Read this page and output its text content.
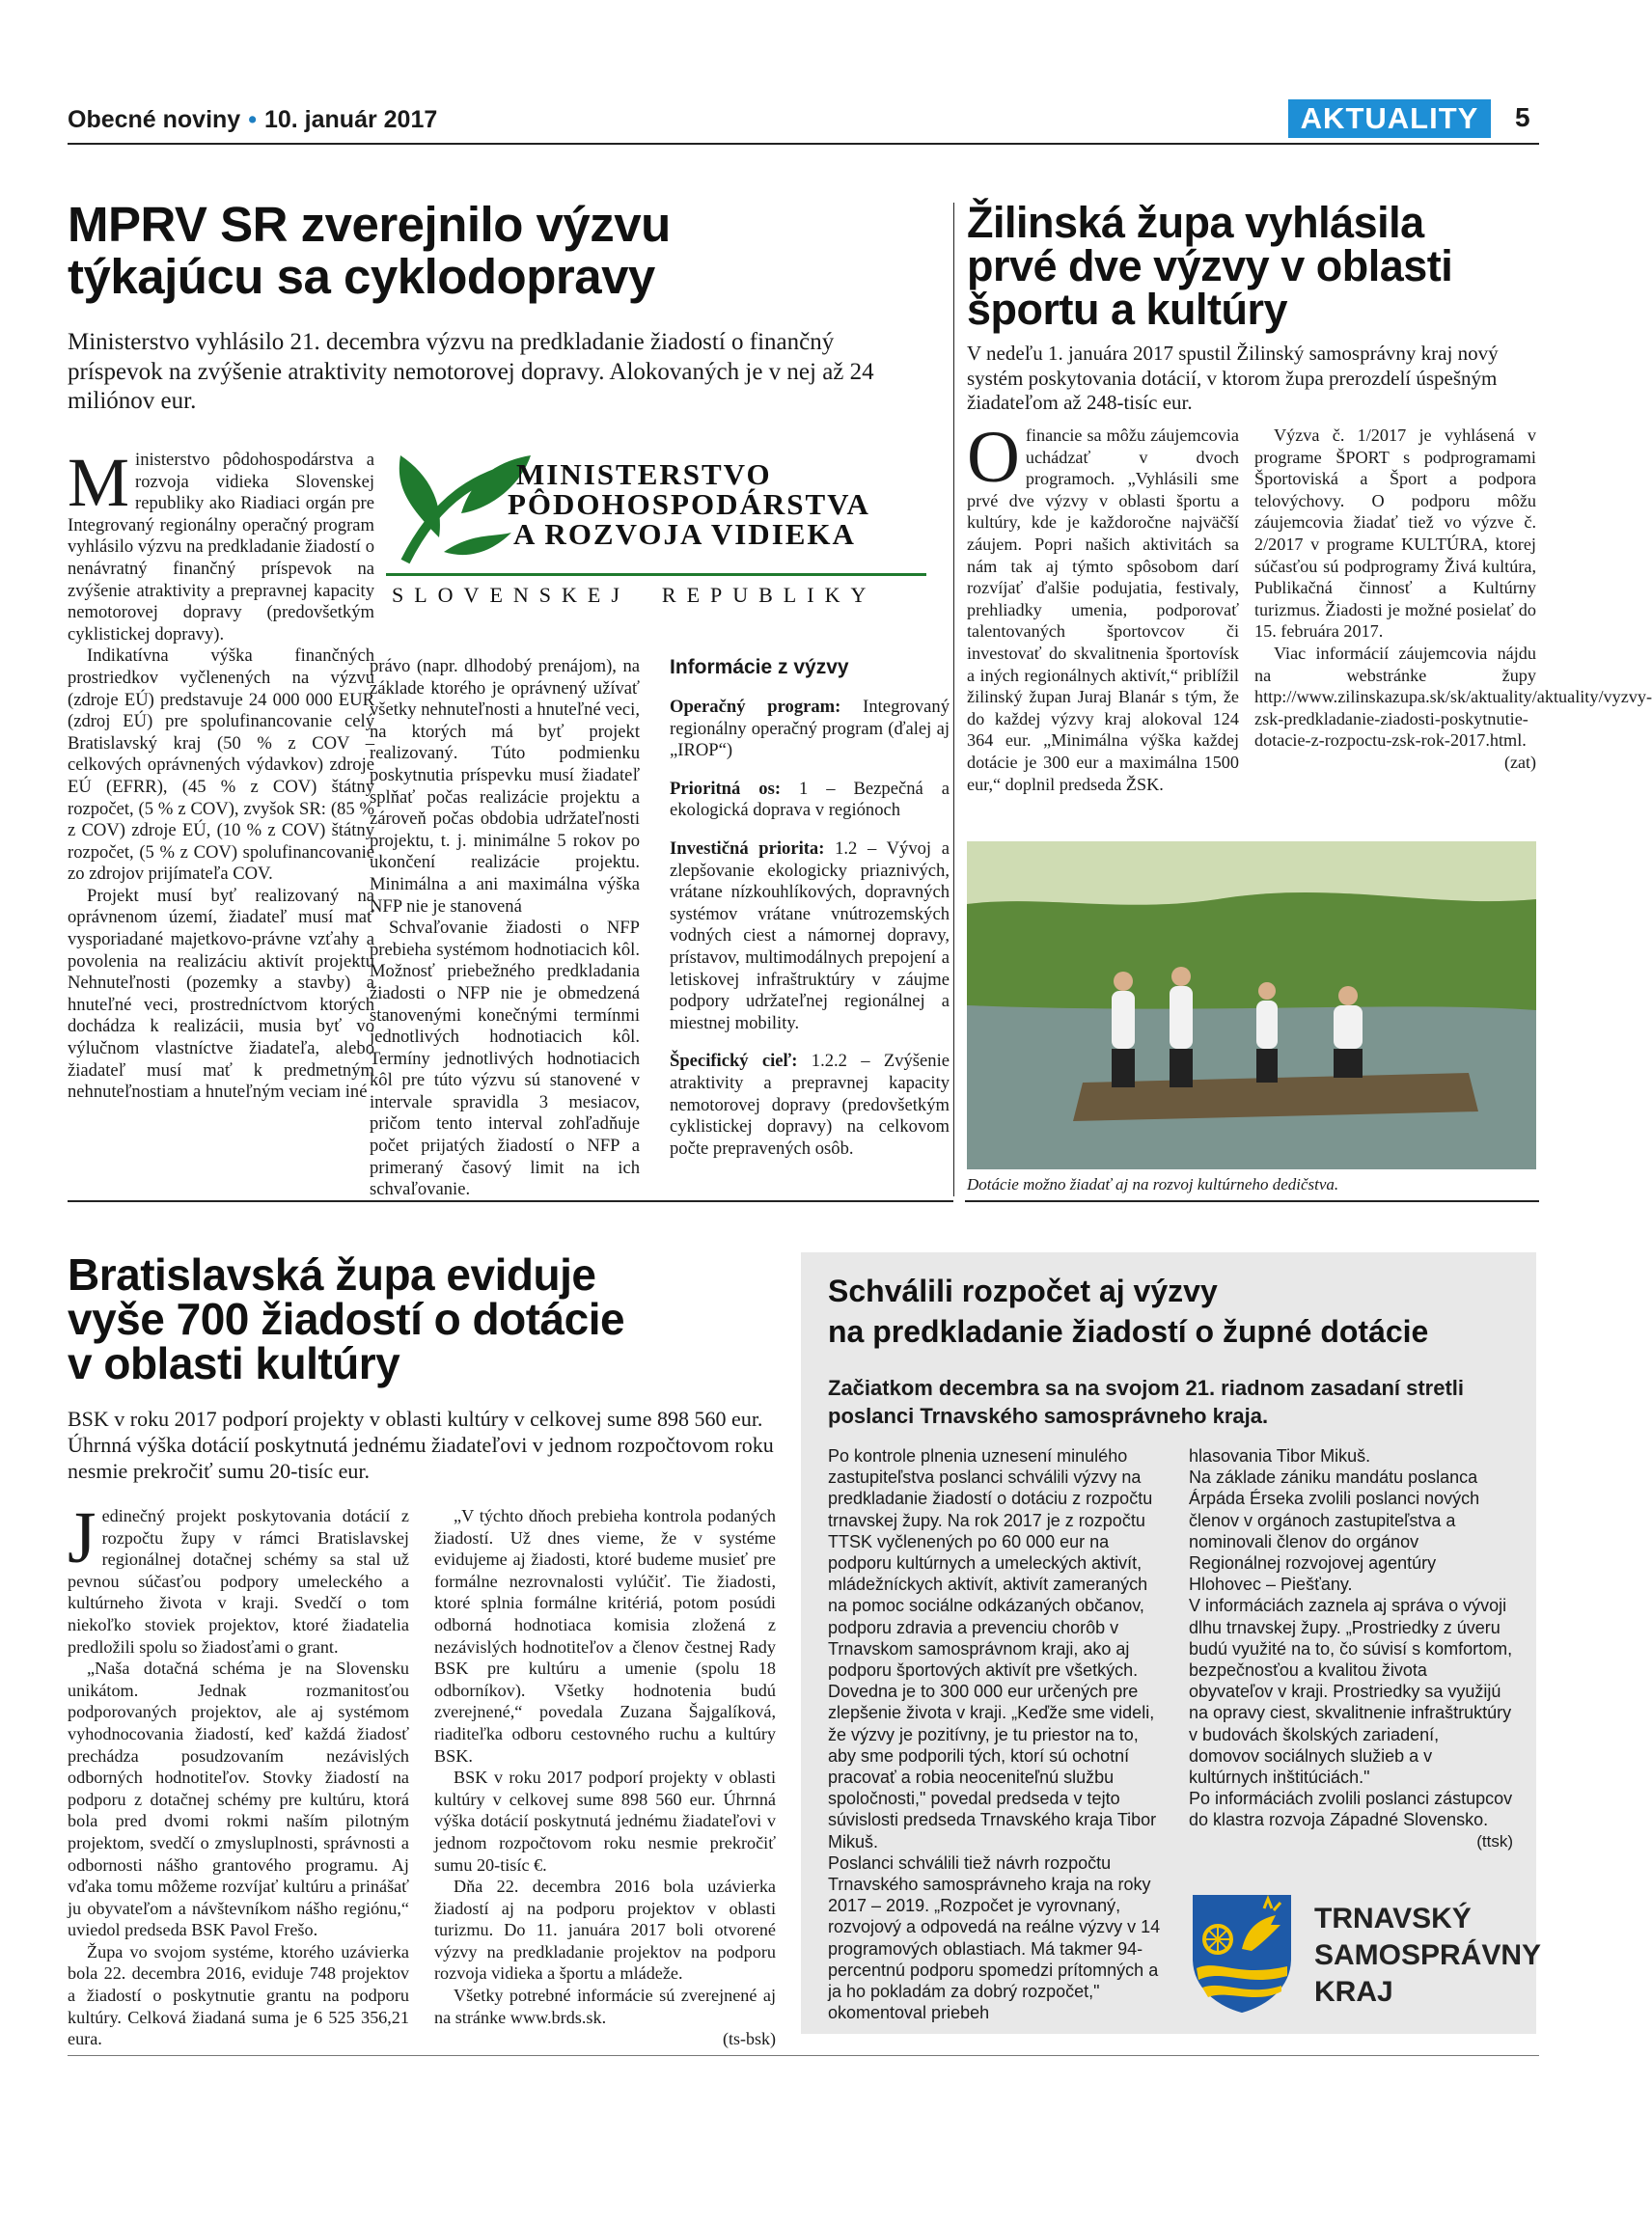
Obecné noviny • 10. január 2017	AKTUALITY	5
MPRV SR zverejnilo výzvu
týkajúcu sa cyklodopravy
Ministerstvo vyhlásilo 21. decembra výzvu na predkladanie žiadostí o finančný príspevok na zvýšenie atraktivity nemotorovej dopravy. Alokovaných je v nej až 24 miliónov eur.
MINISTERSTVO
PÔDOHOSPODÁRSTVA
A ROZVOJA VIDIEKA
SLOVENSKEJ  REPUBLIKY

Ministerstvo pôdohospodárstva a rozvoja vidieka Slovenskej republiky ako Riadiaci orgán pre Integrovaný regionálny operačný program vyhlásilo výzvu na predkladanie žiadostí o nenávratný finančný príspevok na zvýšenie atraktivity a prepravnej kapacity nemotorovej dopravy (predovšetkým cyklistickej dopravy).

Indikatívna výška finančných prostriedkov vyčlenených na výzvu (zdroje EÚ) predstavuje 24 000 000 EUR (zdroj EÚ) pre spolufinancovanie celý Bratislavský kraj (50 % z COV – celkových oprávnených výdavkov) zdroje EÚ (EFRR), (45 % z COV) štátny rozpočet, (5 % z COV), zvyšok SR: (85 % z COV) zdroje EÚ, (10 % z COV) štátny rozpočet, (5 % z COV) spolufinancovanie zo zdrojov prijímateľa COV.

Projekt musí byť realizovaný na oprávnenom území, žiadateľ musí mať vysporiadané majetkovo-právne vzťahy a povolenia na realizáciu aktivít projektu Nehnuteľnosti (pozemky a stavby) a hnuteľné veci, prostredníctvom ktorých dochádza k realizácii, musia byť vo výlučnom vlastníctve žiadateľa, alebo žiadateľ musí mať k predmetným nehnuteľnostiam a hnuteľným veciam iné

právo (napr. dlhodobý prenájom), na základe ktorého je oprávnený užívať všetky nehnuteľnosti a hnuteľné veci, na ktorých má byť projekt realizovaný. Túto podmienku poskytnutia príspevku musí žiadateľ splňať počas realizácie projektu a zároveň počas obdobia udržateľnosti projektu, t. j. minimálne 5 rokov po ukončení realizácie projektu. Minimálna a ani maximálna výška NFP nie je stanovená

Schvaľovanie žiadosti o NFP prebieha systémom hodnotiacich kôl. Možnosť priebežného predkladania žiadosti o NFP nie je obmedzená stanovenými konečnými termínmi jednotlivých hodnotiacich kôl. Termíny jednotlivých hodnotiacich kôl pre túto výzvu sú stanovené v intervale spravidla 3 mesiacov, pričom tento interval zohľadňuje počet prijatých žiadostí o NFP a primeraný časový limit na ich schvaľovanie.

Informácie z výzvy

Operačný program: Integrovaný regionálny operačný program (ďalej aj „IROP“)

Prioritná os: 1 – Bezpečná a ekologická doprava v regiónoch

Investičná priorita: 1.2 – Vývoj a zlepšovanie ekologicky priaznivých, vrátane nízkouhlíkových, dopravných systémov vrátane vnútrozemských vodných ciest a námornej dopravy, prístavov, multimodálnych prepojení a letiskovej infraštruktúry v záujme podpory udržateľnej regionálnej a miestnej mobility.

Špecifický cieľ: 1.2.2 – Zvýšenie atraktivity a prepravnej kapacity nemotorovej dopravy (predovšetkým cyklistickej dopravy) na celkovom počte prepravených osôb.

Žilinská župa vyhlásila
prvé dve výzvy v oblasti
športu a kultúry
V nedeľu 1. januára 2017 spustil Žilinský samosprávny kraj nový systém poskytovania dotácií, v ktorom župa prerozdelí úspešným žiadateľom až 248-tisíc eur.

Ofinancie sa môžu záujemcovia uchádzať v dvoch programoch. „Vyhlásili sme prvé dve výzvy v oblasti športu a kultúry, kde je každoročne najväčší záujem. Popri našich aktivitách sa nám tak aj týmto spôsobom darí rozvíjať ďalšie podujatia, festivaly, prehliadky umenia, podporovať talentovaných športovcov či investovať do skvalitnenia športovísk a iných regionálnych aktivít,“ priblížil žilinský župan Juraj Blanár s tým, že do každej výzvy kraj alokoval 124 364 eur. „Minimálna výška každej dotácie je 300 eur a maximálna 1500 eur,“ doplnil predseda ŽSK.

Výzva č. 1/2017 je vyhlásená v programe ŠPORT s podprogramami Športoviská a Šport a podpora telovýchovy. O podporu môžu záujemcovia žiadať tiež vo výzve č. 2/2017 v programe KULTÚRA, ktorej súčasťou sú podprogramy Živá kultúra, Publikačná činnosť a Kultúrny turizmus. Žiadosti je možné posielať do 15. februára 2017.

Viac informácií záujemcovia nájdu na webstránke župy http://www.zilinskazupa.sk/sk/aktuality/aktuality/vyzvy-zsk-predkladanie-ziadosti-poskytnutie-dotacie-z-rozpoctu-zsk-rok-2017.html.

(zat)
Dotácie možno žiadať aj na rozvoj kultúrneho dedičstva.
Bratislavská župa eviduje
vyše 700 žiadostí o dotácie
v oblasti kultúry
BSK v roku 2017 podporí projekty v oblasti kultúry v celkovej sume 898 560 eur. Úhrnná výška dotácií poskytnutá jednému žiadateľovi v jednom rozpočtovom roku nesmie prekročiť sumu 20-tisíc eur.

Jedinečný projekt poskytovania dotácií z rozpočtu župy v rámci Bratislavskej regionálnej dotačnej schémy sa stal už pevnou súčasťou podpory umeleckého a kultúrneho života v kraji. Svedčí o tom niekoľko stoviek projektov, ktoré žiadatelia predložili spolu so žiadosťami o grant.

„Naša dotačná schéma je na Slovensku unikátom. Jednak rozmanitosťou podporovaných projektov, ale aj systémom vyhodnocovania žiadostí, keď každá žiadosť prechádza posudzovaním nezávislých odborných hodnotiteľov. Stovky žiadostí na podporu z dotačnej schémy pre kultúru, ktorá bola pred dvomi rokmi naším pilotným projektom, svedčí o zmysluplnosti, správnosti a odbornosti nášho grantového programu. Aj vďaka tomu môžeme rozvíjať kultúru a prinášať ju obyvateľom a návštevníkom nášho regiónu,“ uviedol predseda BSK Pavol Frešo.

Župa vo svojom systéme, ktorého uzávierka bola 22. decembra 2016, eviduje 748 projektov a žiadostí o poskytnutie grantu na podporu kultúry. Celková žiadaná suma je 6 525 356,21 eura.

„V týchto dňoch prebieha kontrola podaných žiadostí. Už dnes vieme, že v systéme evidujeme aj žiadosti, ktoré budeme musieť pre formálne nezrovnalosti vylúčiť. Tie žiadosti, ktoré splnia formálne kritériá, potom posúdi odborná hodnotiaca komisia zložená z nezávislých hodnotiteľov a členov čestnej Rady BSK pre kultúru a umenie (spolu 18 odborníkov). Všetky hodnotenia budú zverejnené,“ povedala Zuzana Šajgalíková, riaditeľka odboru cestovného ruchu a kultúry BSK.

BSK v roku 2017 podporí projekty v oblasti kultúry v celkovej sume 898 560 eur. Úhrnná výška dotácií poskytnutá jednému žiadateľovi v jednom rozpočtovom roku nesmie prekročiť sumu 20-tisíc €.

Dňa 22. decembra 2016 bola uzávierka žiadostí aj na podporu projektov v oblasti turizmu. Do 11. januára 2017 boli otvorené výzvy na predkladanie projektov na podporu rozvoja vidieka a športu a mládeže.

Všetky potrebné informácie sú zverejnené aj na stránke www.brds.sk.

(ts-bsk)
Schválili rozpočet aj výzvy
na predkladanie žiadostí o župné dotácie
Začiatkom decembra sa na svojom 21. riadnom zasadaní stretli poslanci Trnavského samosprávneho kraja.

Po kontrole plnenia uznesení minulého zastupiteľstva poslanci schválili výzvy na predkladanie žiadostí o dotáciu z rozpočtu trnavskej župy. Na rok 2017 je z rozpočtu TTSK vyčlenených po 60 000 eur na podporu kultúrnych a umeleckých aktivít, mládežníckych aktivít, aktivít zameraných na pomoc sociálne odkázaných občanov, podporu zdravia a prevenciu chorôb v Trnavskom samosprávnom kraji, ako aj podporu športových aktivít pre všetkých. Dovedna je to 300 000 eur určených pre zlepšenie života v kraji. „Keďže sme videli, že výzvy je pozitívny, je tu priestor na to, aby sme podporili tých, ktorí sú ochotní pracovať a robia neoceniteľnú službu spoločnosti," povedal predseda v tejto súvislosti predseda Trnavského kraja Tibor Mikuš.

Poslanci schválili tiež návrh rozpočtu Trnavského samosprávneho kraja na roky 2017 – 2019. „Rozpočet je vyrovnaný, rozvojový a odpovedá na reálne výzvy v 14 programových oblastiach. Má takmer 94-percentnú podporu spomedzi prítomných a ja ho pokladám za dobrý rozpočet," okomentoval priebeh

hlasovania Tibor Mikuš.

Na základe zániku mandátu poslanca Árpáda Érseka zvolili poslanci nových členov v orgánoch zastupiteľstva a nominovali členov do orgánov Regionálnej rozvojovej agentúry Hlohovec – Piešťany.

V informáciách zaznela aj správa o vývoji dlhu trnavskej župy. „Prostriedky z úveru budú využité na to, čo súvisí s komfortom, bezpečnosťou a kvalitou života obyvateľov v kraji. Prostriedky sa využijú na opravy ciest, skvalitnenie infraštruktúry v budovách školských zariadení, domovov sociálnych služieb a v kultúrnych inštitúciách."

Po informáciách zvolili poslanci zástupcov do klastra rozvoja Západné Slovensko.

(ttsk)
TRNAVSKÝ
SAMOSPRÁVNY
KRAJ
